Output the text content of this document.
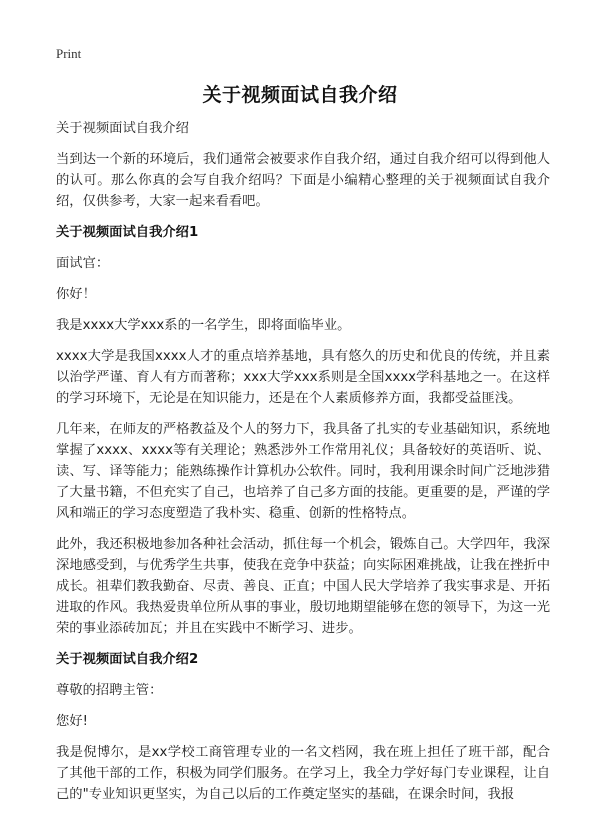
Print
关于视频面试自我介绍

关于视频面试自我介绍

当到达一个新的环境后，我们通常会被要求作自我介绍，通过自我介绍可以得到他人的认可。那么你真的会写自我介绍吗？下面是小编精心整理的关于视频面试自我介绍，仅供参考，大家一起来看看吧。

关于视频面试自我介绍1

面试官：

你好！

我是xxxx大学xxx系的一名学生，即将面临毕业。

xxxx大学是我国xxxx人才的重点培养基地，具有悠久的历史和优良的传统，并且素以治学严谨、育人有方而著称；xxx大学xxx系则是全国xxxx学科基地之一。在这样的学习环境下，无论是在知识能力，还是在个人素质修养方面，我都受益匪浅。

几年来，在师友的严格教益及个人的努力下，我具备了扎实的专业基础知识，系统地掌握了xxxx、xxxx等有关理论；熟悉涉外工作常用礼仪；具备较好的英语听、说、读、写、译等能力；能熟练操作计算机办公软件。同时，我利用课余时间广泛地涉猎了大量书籍，不但充实了自己，也培养了自己多方面的技能。更重要的是，严谨的学风和端正的学习态度塑造了我朴实、稳重、创新的性格特点。

此外，我还积极地参加各种社会活动，抓住每一个机会，锻炼自己。大学四年，我深深地感受到，与优秀学生共事，使我在竞争中获益；向实际困难挑战，让我在挫折中成长。祖辈们教我勤奋、尽责、善良、正直；中国人民大学培养了我实事求是、开拓进取的作风。我热爱贵单位所从事的事业，殷切地期望能够在您的领导下，为这一光荣的事业添砖加瓦；并且在实践中不断学习、进步。

关于视频面试自我介绍2

尊敬的招聘主管：

您好!

我是倪博尔，是xx学校工商管理专业的一名文档网，我在班上担任了班干部，配合了其他干部的工作，积极为同学们服务。在学习上，我全力学好每门专业课程，让自己的"专业知识更坚实，为自己以后的工作奠定坚实的基础，在课余时间，我报
